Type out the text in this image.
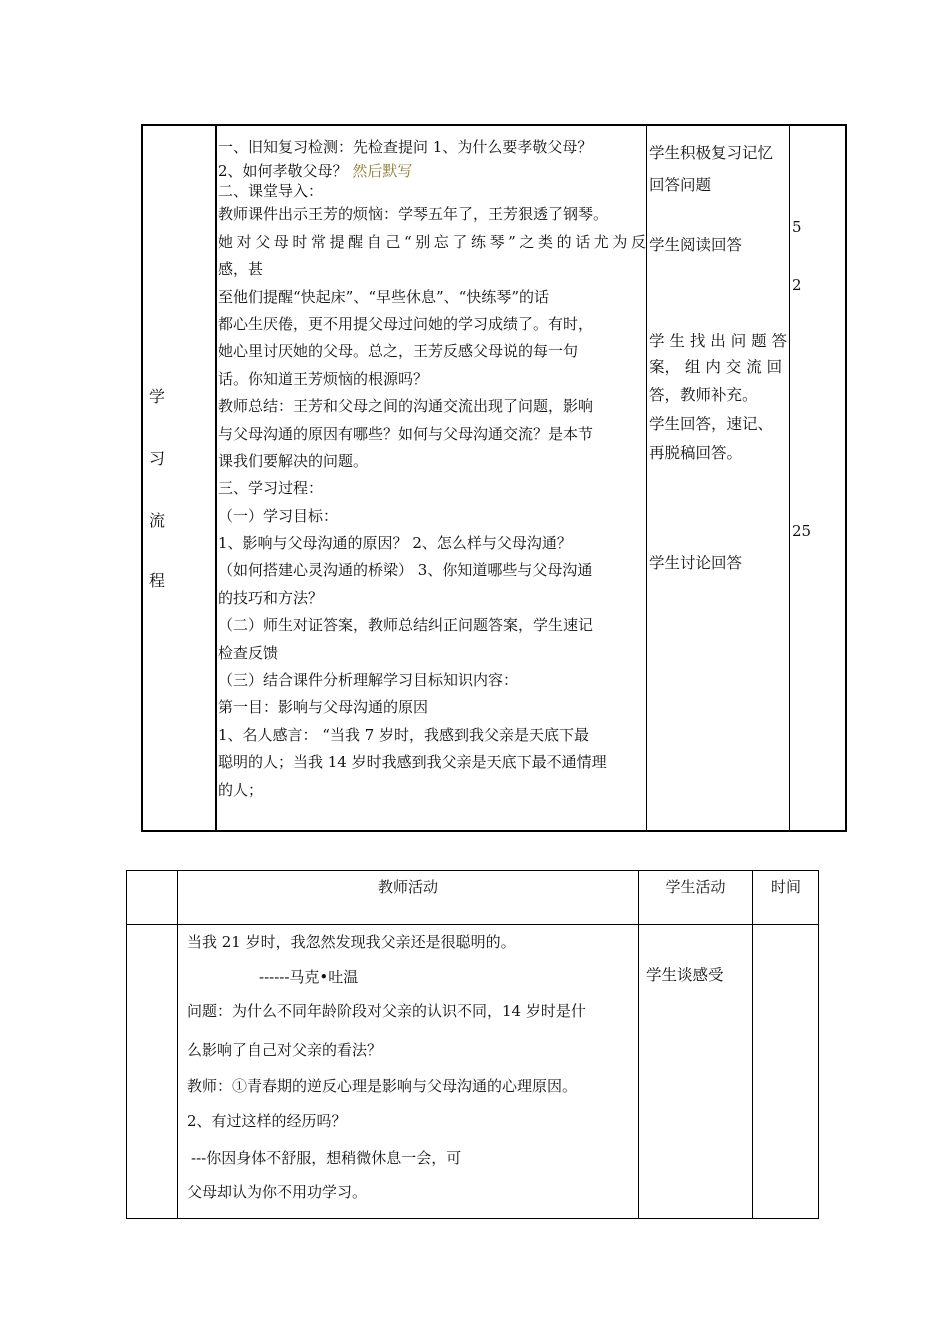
学
习
流
程
一、旧知复习检测：先检查提问 1、为什么要孝敬父母？
2、如何孝敬父母？ 然后默写
二、课堂导入：
教师课件出示王芳的烦恼：学琴五年了，王芳狠透了钢琴。
她对父母时常提醒自己“别忘了练琴”之类的话尤为反
感，甚
至他们提醒“快起床”、“早些休息”、“快练琴”的话
都心生厌倦，更不用提父母过问她的学习成绩了。有时，
她心里讨厌她的父母。总之，王芳反感父母说的每一句
话。你知道王芳烦恼的根源吗？
教师总结：王芳和父母之间的沟通交流出现了问题，影响
与父母沟通的原因有哪些？如何与父母沟通交流？是本节
课我们要解决的问题。
三、学习过程：
（一）学习目标：
1、影响与父母沟通的原因？ 2、怎么样与父母沟通？
（如何搭建心灵沟通的桥梁） 3、你知道哪些与父母沟通
的技巧和方法？
（二）师生对证答案，教师总结纠正问题答案，学生速记
检查反馈
（三）结合课件分析理解学习目标知识内容：
第一目：影响与父母沟通的原因
1、名人感言： “当我 7 岁时，我感到我父亲是天底下最
聪明的人；当我 14 岁时我感到我父亲是天底下最不通情理
的人；
学生积极复习记忆
回答问题
学生阅读回答
学 生 找 出 问 题 答
案， 组 内 交 流 回
答，教师补充。
学生回答，速记、
再脱稿回答。
学生讨论回答
5
2
25
教师活动	学生活动	时间
当我 21 岁时，我忽然发现我父亲还是很聪明的。
------马克•吐温
问题：为什么不同年龄阶段对父亲的认识不同，14 岁时是什
么影响了自己对父亲的看法？
教师：①青春期的逆反心理是影响与父母沟通的心理原因。
2、有过这样的经历吗？
---你因身体不舒服，想稍微休息一会，可
父母却认为你不用功学习。
学生谈感受
